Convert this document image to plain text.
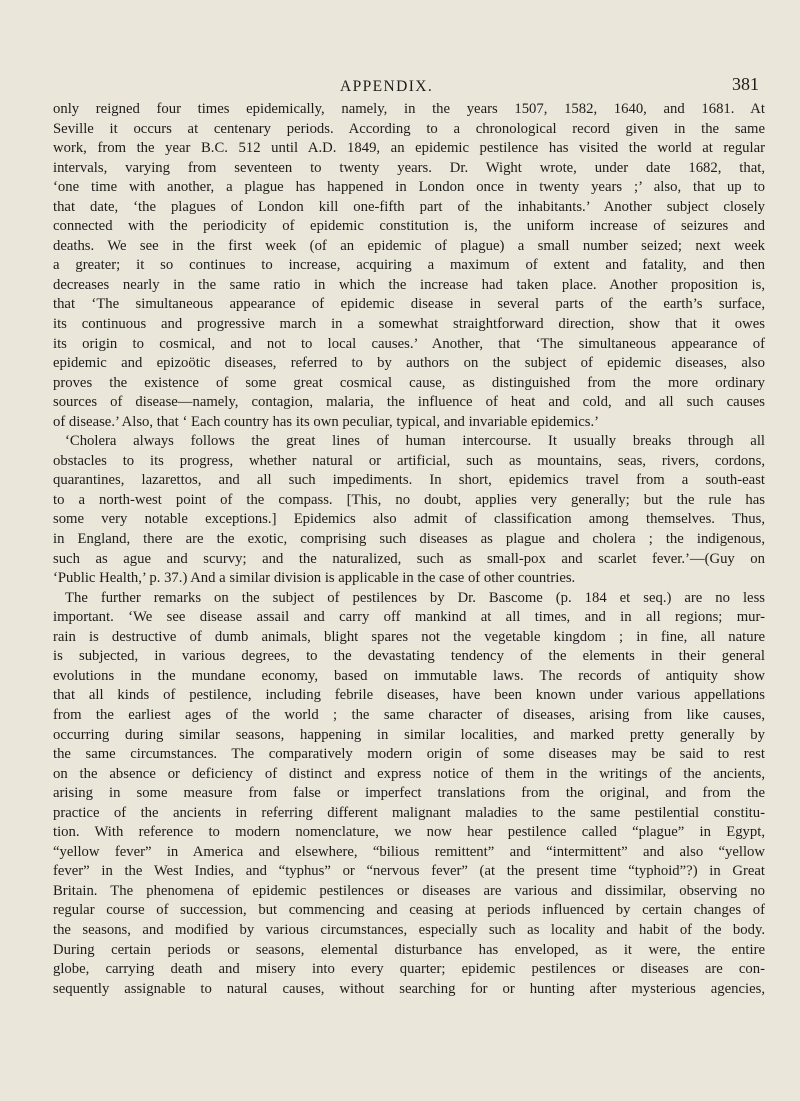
APPENDIX.	381
only reigned four times epidemically, namely, in the years 1507, 1582, 1640, and 1681. At
Seville it occurs at centenary periods. According to a chronological record given in the same
work, from the year B.C. 512 until A.D. 1849, an epidemic pestilence has visited the world at regular
intervals, varying from seventeen to twenty years. Dr. Wight wrote, under date 1682, that,
‘one time with another, a plague has happened in London once in twenty years ;’ also, that up to
that date, ‘the plagues of London kill one-fifth part of the inhabitants.’ Another subject closely
connected with the periodicity of epidemic constitution is, the uniform increase of seizures and
deaths. We see in the first week (of an epidemic of plague) a small number seized; next week
a greater; it so continues to increase, acquiring a maximum of extent and fatality, and then
decreases nearly in the same ratio in which the increase had taken place. Another proposition is,
that ‘The simultaneous appearance of epidemic disease in several parts of the earth’s surface,
its continuous and progressive march in a somewhat straightforward direction, show that it owes
its origin to cosmical, and not to local causes.’ Another, that ‘The simultaneous appearance of
epidemic and epizoötic diseases, referred to by authors on the subject of epidemic diseases, also
proves the existence of some great cosmical cause, as distinguished from the more ordinary
sources of disease—namely, contagion, malaria, the influence of heat and cold, and all such causes
of disease.’ Also, that ‘ Each country has its own peculiar, typical, and invariable epidemics.’
‘Cholera always follows the great lines of human intercourse. It usually breaks through all
obstacles to its progress, whether natural or artificial, such as mountains, seas, rivers, cordons,
quarantines, lazarettos, and all such impediments. In short, epidemics travel from a south-east
to a north-west point of the compass. [This, no doubt, applies very generally; but the rule has
some very notable exceptions.] Epidemics also admit of classification among themselves. Thus,
in England, there are the exotic, comprising such diseases as plague and cholera ; the indigenous,
such as ague and scurvy; and the naturalized, such as small-pox and scarlet fever.’—(Guy on
‘Public Health,’ p. 37.) And a similar division is applicable in the case of other countries.
The further remarks on the subject of pestilences by Dr. Bascome (p. 184 et seq.) are no less
important. ‘We see disease assail and carry off mankind at all times, and in all regions; mur-
rain is destructive of dumb animals, blight spares not the vegetable kingdom ; in fine, all nature
is subjected, in various degrees, to the devastating tendency of the elements in their general
evolutions in the mundane economy, based on immutable laws. The records of antiquity show
that all kinds of pestilence, including febrile diseases, have been known under various appellations
from the earliest ages of the world ; the same character of diseases, arising from like causes,
occurring during similar seasons, happening in similar localities, and marked pretty generally by
the same circumstances. The comparatively modern origin of some diseases may be said to rest
on the absence or deficiency of distinct and express notice of them in the writings of the ancients,
arising in some measure from false or imperfect translations from the original, and from the
practice of the ancients in referring different malignant maladies to the same pestilential constitu-
tion. With reference to modern nomenclature, we now hear pestilence called “plague” in Egypt,
“yellow fever” in America and elsewhere, “bilious remittent” and “intermittent” and also “yellow
fever” in the West Indies, and “typhus” or “nervous fever” (at the present time “typhoid”?) in Great
Britain. The phenomena of epidemic pestilences or diseases are various and dissimilar, observing no
regular course of succession, but commencing and ceasing at periods influenced by certain changes of
the seasons, and modified by various circumstances, especially such as locality and habit of the body.
During certain periods or seasons, elemental disturbance has enveloped, as it were, the entire
globe, carrying death and misery into every quarter; epidemic pestilences or diseases are con-
sequently assignable to natural causes, without searching for or hunting after mysterious agencies,
